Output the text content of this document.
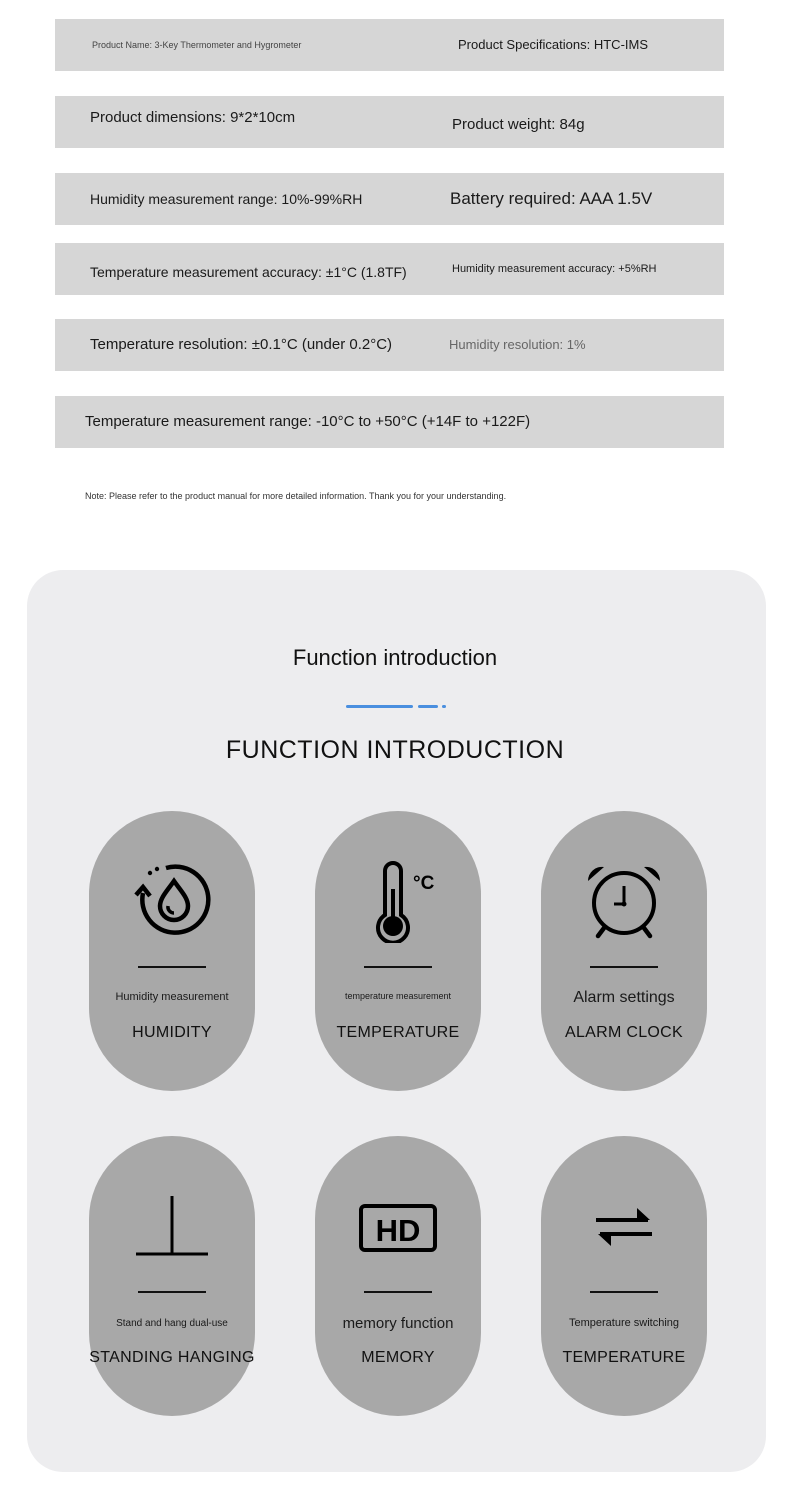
Product Name: 3-Key Thermometer and Hygrometer	Product Specifications: HTC-IMS
Product dimensions: 9*2*10cm	Product weight: 84g
Humidity measurement range: 10%-99%RH	Battery required: AAA 1.5V
Temperature measurement accuracy: ±1°C (1.8TF)	Humidity measurement accuracy: +5%RH
Temperature resolution: ±0.1°C (under 0.2°C)	Humidity resolution: 1%
Temperature measurement range: -10°C to +50°C (+14F to +122F)
Note: Please refer to the product manual for more detailed information. Thank you for your understanding.
Function introduction
FUNCTION INTRODUCTION
Humidity measurement
HUMIDITY
°C
temperature measurement
TEMPERATURE
Alarm settings
ALARM CLOCK
Stand and hang dual-use
STANDING HANGING
HD
memory function
MEMORY
Temperature switching
TEMPERATURE
